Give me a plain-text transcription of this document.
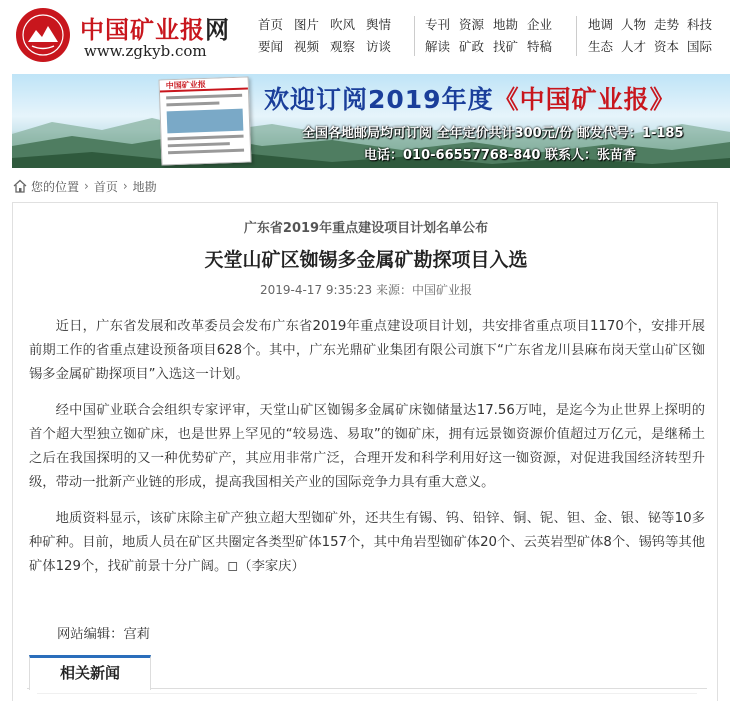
中国矿业报网
www.zgkyb.com
首页
要闻
图片
视频
吹风
观察
舆情
访谈
专刊
解读
资源
矿政
地勘
找矿
企业
特稿
地调
生态
人物
人才
走势
资本
科技
国际
中国矿业报	欢迎订阅2019年度《中国矿业报》
全国各地邮局均可订阅 全年定价共计300元/份 邮发代号：1-185
电话：010-66557768-840 联系人：张苗香
您的位置 › 首页 › 地勘
广东省2019年重点建设项目计划名单公布
天堂山矿区铷锡多金属矿勘探项目入选
2019-4-17 9:35:23 来源：中国矿业报

近日，广东省发展和改革委员会发布广东省2019年重点建设项目计划，共安排省重点项目1170个，安排开展前期工作的省重点建设预备项目628个。其中，广东光鼎矿业集团有限公司旗下“广东省龙川县麻布岗天堂山矿区铷锡多金属矿勘探项目”入选这一计划。

经中国矿业联合会组织专家评审，天堂山矿区铷锡多金属矿床铷储量达17.56万吨，是迄今为止世界上探明的首个超大型独立铷矿床，也是世界上罕见的“较易选、易取”的铷矿床，拥有远景铷资源价值超过万亿元，是继稀土之后在我国探明的又一种优势矿产，其应用非常广泛，合理开发和科学利用好这一铷资源，对促进我国经济转型升级，带动一批新产业链的形成，提高我国相关产业的国际竞争力具有重大意义。

地质资料显示，该矿床除主矿产独立超大型铷矿外，还共生有锡、钨、铅锌、铜、铌、钽、金、银、铋等10多种矿种。目前，地质人员在矿区共圈定各类型矿体157个，其中角岩型铷矿体20个、云英岩型矿体8个、锡钨等其他矿体129个，找矿前景十分广阔。◻（李家庆）

网站编辑：宫莉
相关新闻
